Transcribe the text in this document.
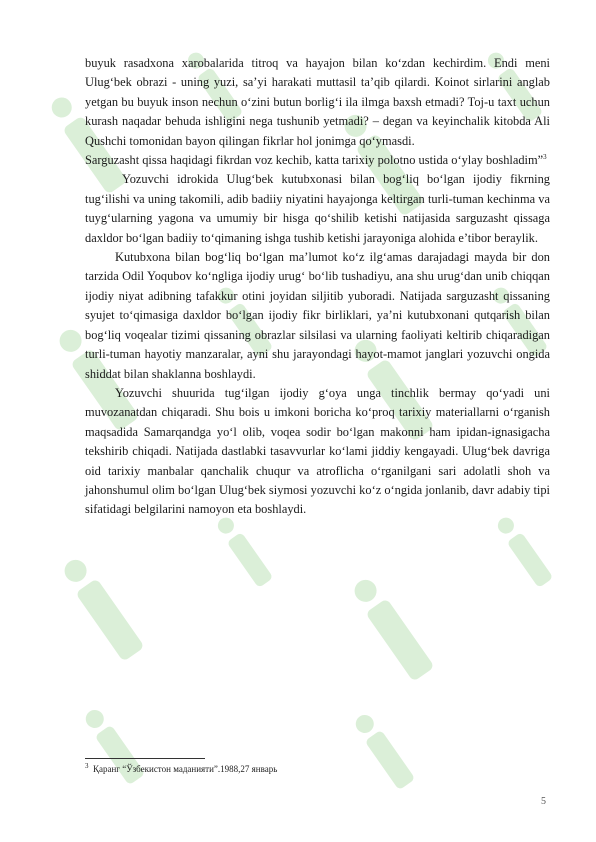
buyuk rasadxona xarobalarida titroq va hayajon bilan ko‘zdan kechirdim. Endi meni Ulug‘bek obrazi - uning yuzi, sa’yi harakati muttasil ta’qib qilardi. Koinot sirlarini anglab yetgan bu buyuk inson nechun o‘zini butun borlig‘i ila ilmga baxsh etmadi? Toj-u taxt uchun kurash naqadar behuda ishligini nega tushunib yetmadi? – degan va keyinchalik kitobda Ali Qushchi tomonidan bayon qilingan fikrlar hol jonimga qo‘ymasdi.

Sarguzasht qissa haqidagi fikrdan voz kechib, katta tarixiy polotno ustida o‘ylay boshladim”$^3$

Yozuvchi idrokida Ulug‘bek kutubxonasi bilan bog‘liq bo‘lgan ijodiy fikrning tug‘ilishi va uning takomili, adib badiiy niyatini hayajonga keltirgan turli-tuman kechinma va tuyg‘ularning yagona va umumiy bir hisga qo‘shilib ketishi natijasida sarguzasht qissaga daxldor bo‘lgan badiiy to‘qimaning ishga tushib ketishi jarayoniga alohida e’tibor beraylik.

Kutubxona bilan bog‘liq bo‘lgan ma’lumot ko‘z ilg‘amas darajadagi mayda bir don tarzida Odil Yoqubov ko‘ngliga ijodiy urug‘ bo‘lib tushadiyu, ana shu urug‘dan unib chiqqan ijodiy niyat adibning tafakkur otini joyidan siljitib yuboradi. Natijada sarguzasht qissaning syujet to‘qimasiga daxldor bo‘lgan ijodiy fikr birliklari, ya’ni kutubxonani qutqarish bilan bog‘liq voqealar tizimi qissaning obrazlar silsilasi va ularning faoliyati keltirib chiqaradigan turli-tuman hayotiy manzaralar, ayni shu jarayondagi hayot-mamot janglari yozuvchi ongida shiddat bilan shaklanna boshlaydi.

Yozuvchi shuurida tug‘ilgan ijodiy g‘oya unga tinchlik bermay qo‘yadi uni muvozanatdan chiqaradi. Shu bois u imkoni boricha ko‘proq tarixiy materiallarni o‘rganish maqsadida Samarqandga yo‘l olib, voqea sodir bo‘lgan makonni ham ipidan-ignasigacha tekshirib chiqadi. Natijada dastlabki tasavvurlar ko‘lami jiddiy kengayadi. Ulug‘bek davriga oid tarixiy manbalar qanchalik chuqur va atroflicha o‘rganilgani sari adolatli shoh va jahonshumul olim bo‘lgan Ulug‘bek siymosi yozuvchi ko‘z o‘ngida jonlanib, davr adabiy tipi sifatidagi belgilarini namoyon eta boshlaydi.

$^3$ Қаранг “Ўзбекистон маданияти”.1988,27 январь
5
